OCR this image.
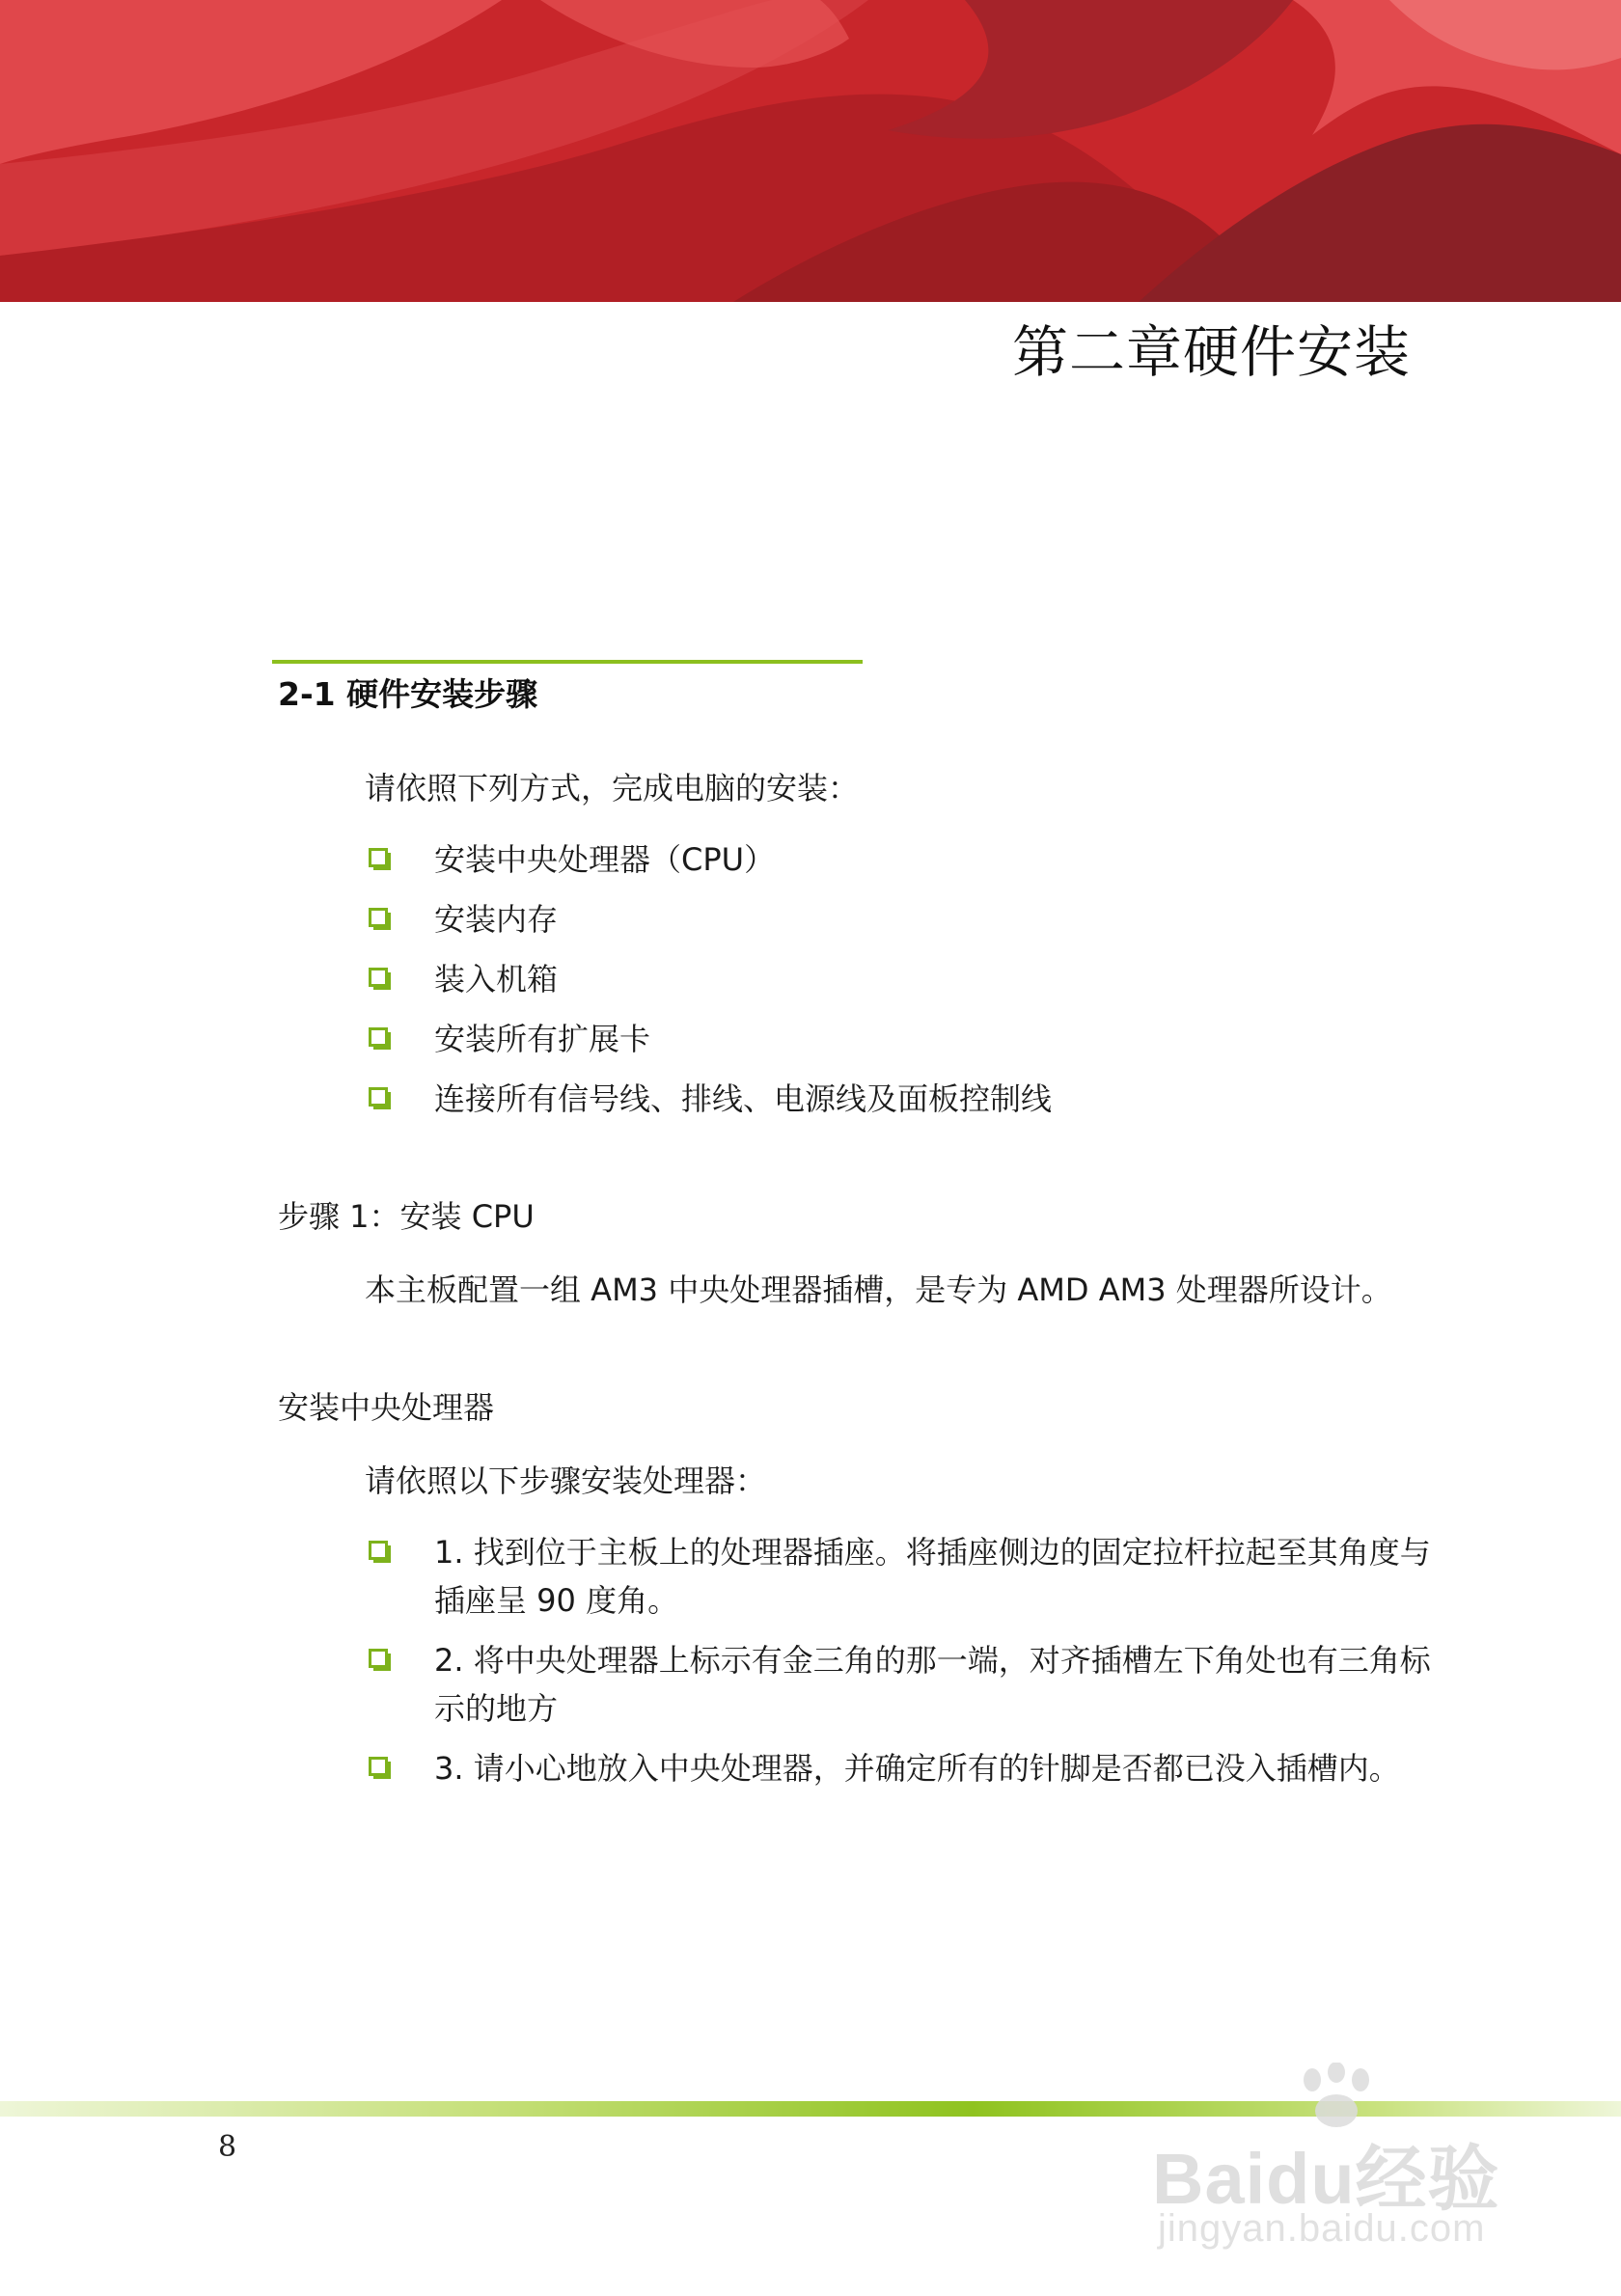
第二章硬件安装
2-1 硬件安装步骤
请依照下列方式，完成电脑的安装：
安装中央处理器（CPU）
安装内存
装入机箱
安装所有扩展卡
连接所有信号线、排线、电源线及面板控制线
步骤 1：安装 CPU
本主板配置一组 AM3 中央处理器插槽，是专为 AMD AM3 处理器所设计。
安装中央处理器
请依照以下步骤安装处理器：
1. 找到位于主板上的处理器插座。将插座侧边的固定拉杆拉起至其角度与插座呈 90 度角。
2. 将中央处理器上标示有金三角的那一端，对齐插槽左下角处也有三角标示的地方
3. 请小心地放入中央处理器，并确定所有的针脚是否都已没入插槽内。
8	Baidu经验
jingyan.baidu.com
